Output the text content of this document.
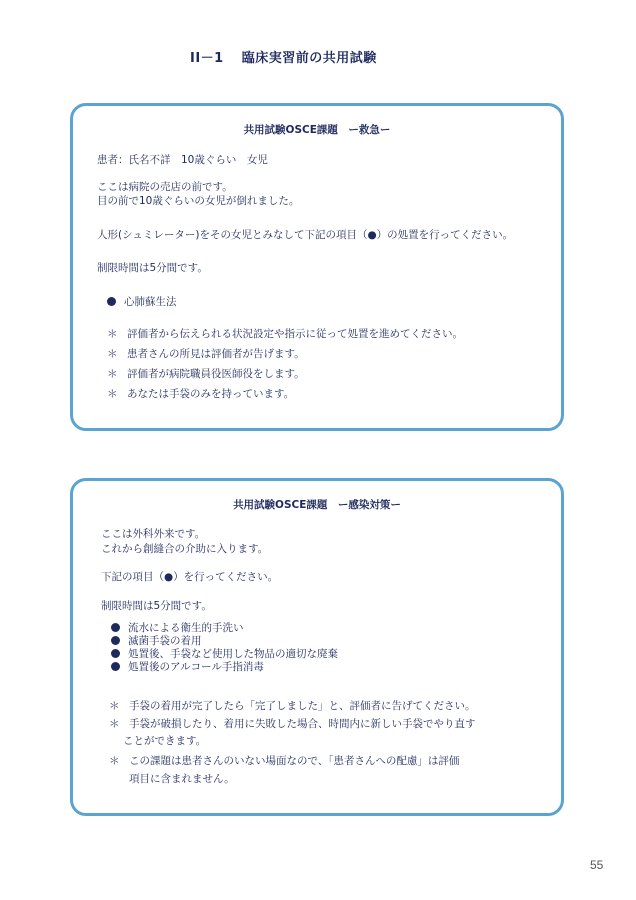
II－1 臨床実習前の共用試験
共用試験OSCE課題　ー救急ー
患者：氏名不詳　10歳ぐらい　女児
ここは病院の売店の前です。
目の前で10歳ぐらいの女児が倒れました。
人形(シュミレーター)をその女児とみなして下記の項目（●）の処置を行ってください。
制限時間は5分間です。
心肺蘇生法
＊ 評価者から伝えられる状況設定や指示に従って処置を進めてください。
＊ 患者さんの所見は評価者が告げます。
＊ 評価者が病院職員役医師役をします。
＊ あなたは手袋のみを持っています。
共用試験OSCE課題　ー感染対策ー
ここは外科外来です。
これから創縫合の介助に入ります。
下記の項目（●）を行ってください。
制限時間は5分間です。
流水による衛生的手洗い
滅菌手袋の着用
処置後、手袋など使用した物品の適切な廃棄
処置後のアルコール手指消毒
＊ 手袋の着用が完了したら「完了しました」と、評価者に告げてください。
＊ 手袋が破損したり、着用に失敗した場合、時間内に新しい手袋でやり直す
ことができます。
＊ この課題は患者さんのいない場面なので、「患者さんへの配慮」は評価
項目に含まれません。
55
